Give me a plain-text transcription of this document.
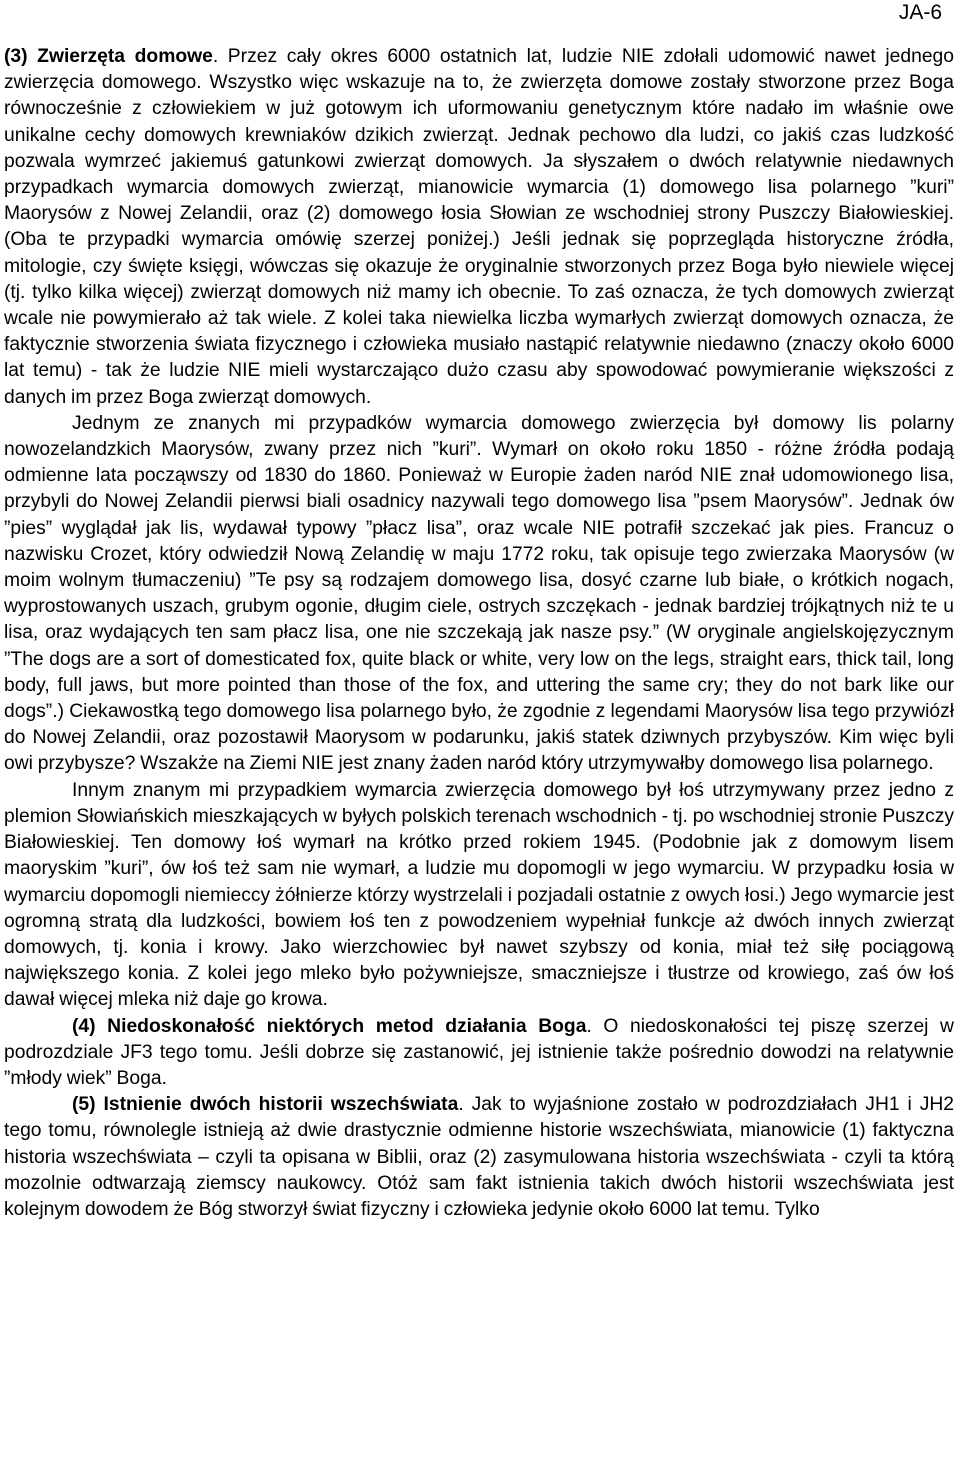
JA-6

(3) Zwierzęta domowe. Przez cały okres 6000 ostatnich lat, ludzie NIE zdołali udomowić nawet jednego zwierzęcia domowego. Wszystko więc wskazuje na to, że zwierzęta domowe zostały stworzone przez Boga równocześnie z człowiekiem w już gotowym ich uformowaniu genetycznym które nadało im właśnie owe unikalne cechy domowych krewniaków dzikich zwierząt. Jednak pechowo dla ludzi, co jakiś czas ludzkość pozwala wymrzeć jakiemuś gatunkowi zwierząt domowych. Ja słyszałem o dwóch relatywnie niedawnych przypadkach wymarcia domowych zwierząt, mianowicie wymarcia (1) domowego lisa polarnego ”kuri” Maorysów z Nowej Zelandii, oraz (2) domowego łosia Słowian ze wschodniej strony Puszczy Białowieskiej. (Oba te przypadki wymarcia omówię szerzej poniżej.) Jeśli jednak się poprzegląda historyczne źródła, mitologie, czy święte księgi, wówczas się okazuje że oryginalnie stworzonych przez Boga było niewiele więcej (tj. tylko kilka więcej) zwierząt domowych niż mamy ich obecnie. To zaś oznacza, że tych domowych zwierząt wcale nie powymierało aż tak wiele. Z kolei taka niewielka liczba wymarłych zwierząt domowych oznacza, że faktycznie stworzenia świata fizycznego i człowieka musiało nastąpić relatywnie niedawno (znaczy około 6000 lat temu) - tak że ludzie NIE mieli wystarczająco dużo czasu aby spowodować powymieranie większości z danych im przez Boga zwierząt domowych.

Jednym ze znanych mi przypadków wymarcia domowego zwierzęcia był domowy lis polarny nowozelandzkich Maorysów, zwany przez nich ”kuri”. Wymarł on około roku 1850 - różne źródła podają odmienne lata począwszy od 1830 do 1860. Ponieważ w Europie żaden naród NIE znał udomowionego lisa, przybyli do Nowej Zelandii pierwsi biali osadnicy nazywali tego domowego lisa ”psem Maorysów”. Jednak ów ”pies” wyglądał jak lis, wydawał typowy ”płacz lisa”, oraz wcale NIE potrafił szczekać jak pies. Francuz o nazwisku Crozet, który odwiedził Nową Zelandię w maju 1772 roku, tak opisuje tego zwierzaka Maorysów (w moim wolnym tłumaczeniu) ”Te psy są rodzajem domowego lisa, dosyć czarne lub białe, o krótkich nogach, wyprostowanych uszach, grubym ogonie, długim ciele, ostrych szczękach - jednak bardziej trójkątnych niż te u lisa, oraz wydających ten sam płacz lisa, one nie szczekają jak nasze psy.” (W oryginale angielskojęzycznym ”The dogs are a sort of domesticated fox, quite black or white, very low on the legs, straight ears, thick tail, long body, full jaws, but more pointed than those of the fox, and uttering the same cry; they do not bark like our dogs”.) Ciekawostką tego domowego lisa polarnego było, że zgodnie z legendami Maorysów lisa tego przywiózł do Nowej Zelandii, oraz pozostawił Maorysom w podarunku, jakiś statek dziwnych przybyszów. Kim więc byli owi przybysze? Wszakże na Ziemi NIE jest znany żaden naród który utrzymywałby domowego lisa polarnego.

Innym znanym mi przypadkiem wymarcia zwierzęcia domowego był łoś utrzymywany przez jedno z plemion Słowiańskich mieszkających w byłych polskich terenach wschodnich - tj. po wschodniej stronie Puszczy Białowieskiej. Ten domowy łoś wymarł na krótko przed rokiem 1945. (Podobnie jak z domowym lisem maoryskim ”kuri”, ów łoś też sam nie wymarł, a ludzie mu dopomogli w jego wymarciu. W przypadku łosia w wymarciu dopomogli niemieccy żółnierze którzy wystrzelali i pozjadali ostatnie z owych łosi.) Jego wymarcie jest ogromną stratą dla ludzkości, bowiem łoś ten z powodzeniem wypełniał funkcje aż dwóch innych zwierząt domowych, tj. konia i krowy. Jako wierzchowiec był nawet szybszy od konia, miał też siłę pociągową największego konia. Z kolei jego mleko było pożywniejsze, smaczniejsze i tłustrze od krowiego, zaś ów łoś dawał więcej mleka niż daje go krowa.

(4) Niedoskonałość niektórych metod działania Boga. O niedoskonałości tej piszę szerzej w podrozdziale JF3 tego tomu. Jeśli dobrze się zastanowić, jej istnienie także pośrednio dowodzi na relatywnie ”młody wiek” Boga.

(5) Istnienie dwóch historii wszechświata. Jak to wyjaśnione zostało w podrozdziałach JH1 i JH2 tego tomu, równolegle istnieją aż dwie drastycznie odmienne historie wszechświata, mianowicie (1) faktyczna historia wszechświata – czyli ta opisana w Biblii, oraz (2) zasymulowana historia wszechświata - czyli ta którą mozolnie odtwarzają ziemscy naukowcy. Otóż sam fakt istnienia takich dwóch historii wszechświata jest kolejnym dowodem że Bóg stworzył świat fizyczny i człowieka jedynie około 6000 lat temu. Tylko
